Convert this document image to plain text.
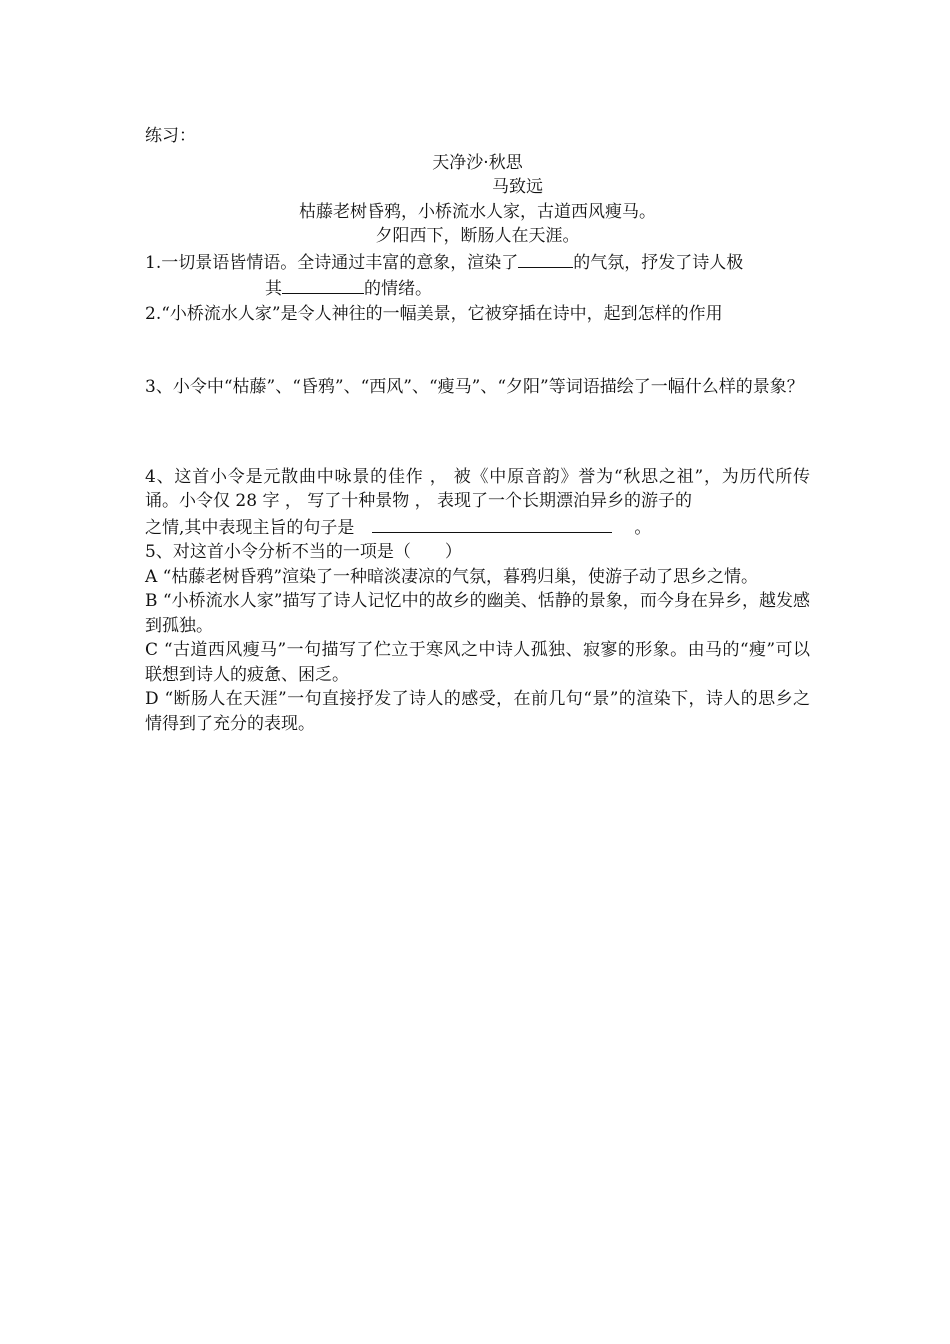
练习：

天净沙·秋思

马致远

枯藤老树昏鸦，小桥流水人家，古道西风瘦马。

夕阳西下，断肠人在天涯。

1.一切景语皆情语。全诗通过丰富的意象，渲染了	的气氛，抒发了诗人极

其	的情绪。

2.“小桥流水人家”是令人神往的一幅美景，它被穿插在诗中，起到怎样的作用

3、小令中“枯藤”、“昏鸦”、“西风”、“瘦马”、“夕阳”等词语描绘了一幅什么样的景象？

4、这首小令是元散曲中咏景的佳作 ， 被《中原音韵》誉为“秋思之祖”，为历代所传诵。小令仅 28 字 ， 写了十种景物 ， 表现了一个长期漂泊异乡的游子的

之情,其中表现主旨的句子是	。

5、对这首小令分析不当的一项是（　　）

A “枯藤老树昏鸦”渲染了一种暗淡凄凉的气氛，暮鸦归巢，使游子动了思乡之情。

B “小桥流水人家”描写了诗人记忆中的故乡的幽美、恬静的景象，而今身在异乡，越发感到孤独。

C “古道西风瘦马”一句描写了伫立于寒风之中诗人孤独、寂寥的形象。由马的“瘦”可以联想到诗人的疲惫、困乏。

D “断肠人在天涯”一句直接抒发了诗人的感受，在前几句“景”的渲染下，诗人的思乡之情得到了充分的表现。
